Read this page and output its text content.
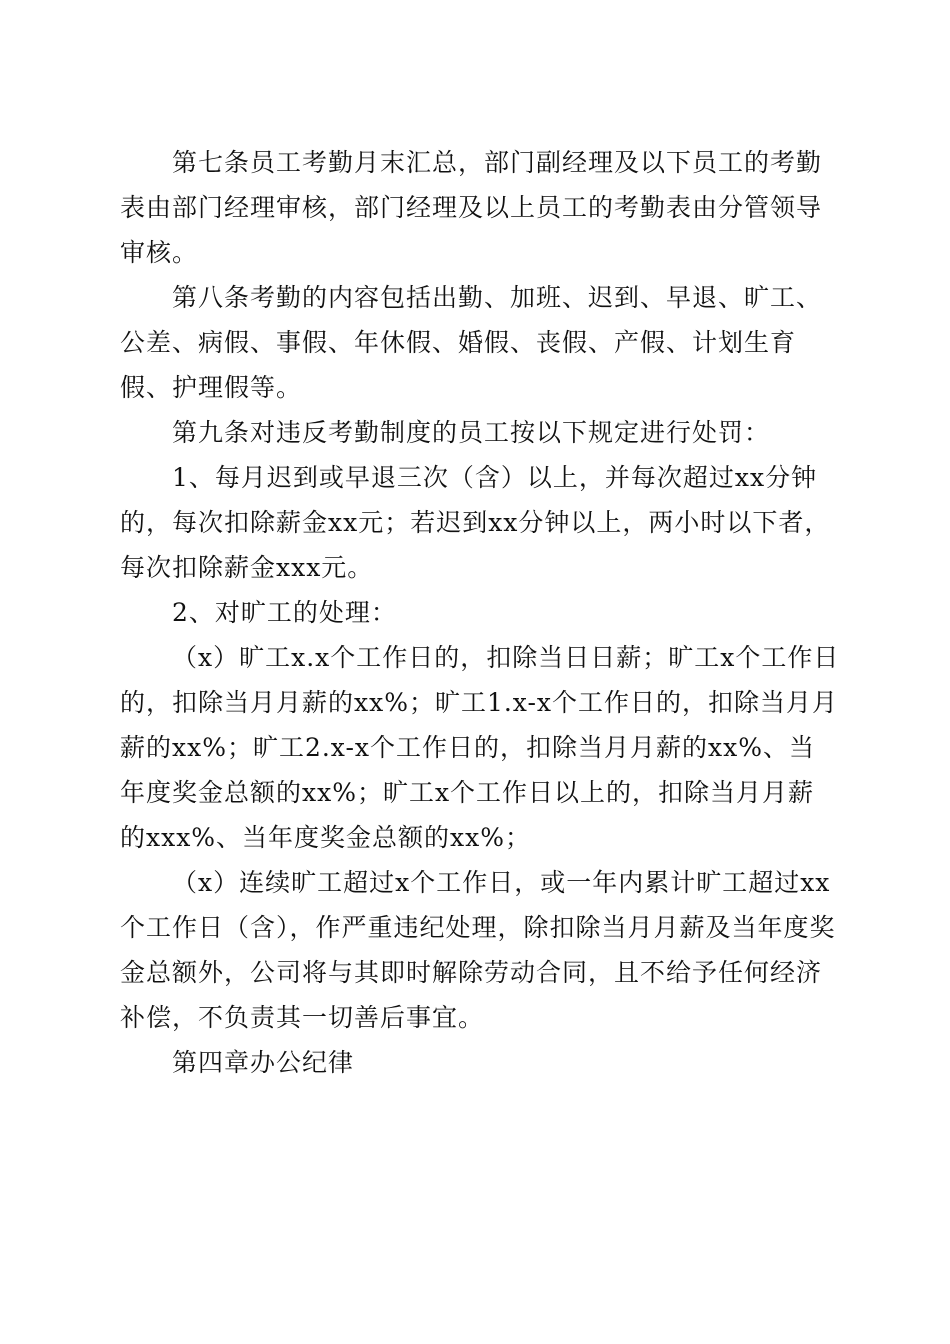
第七条员工考勤月末汇总，部门副经理及以下员工的考勤表由部门经理审核，部门经理及以上员工的考勤表由分管领导审核。

第八条考勤的内容包括出勤、加班、迟到、早退、旷工、公差、病假、事假、年休假、婚假、丧假、产假、计划生育假、护理假等。

第九条对违反考勤制度的员工按以下规定进行处罚：

1、每月迟到或早退三次（含）以上，并每次超过xx分钟的，每次扣除薪金xx元；若迟到xx分钟以上，两小时以下者，每次扣除薪金xxx元。

2、对旷工的处理：

（x）旷工x.x个工作日的，扣除当日日薪；旷工x个工作日的，扣除当月月薪的xx%；旷工1.x-x个工作日的，扣除当月月薪的xx%；旷工2.x-x个工作日的，扣除当月月薪的xx%、当年度奖金总额的xx%；旷工x个工作日以上的，扣除当月月薪的xxx%、当年度奖金总额的xx%；

（x）连续旷工超过x个工作日，或一年内累计旷工超过xx个工作日（含），作严重违纪处理，除扣除当月月薪及当年度奖金总额外，公司将与其即时解除劳动合同，且不给予任何经济补偿，不负责其一切善后事宜。

第四章办公纪律
